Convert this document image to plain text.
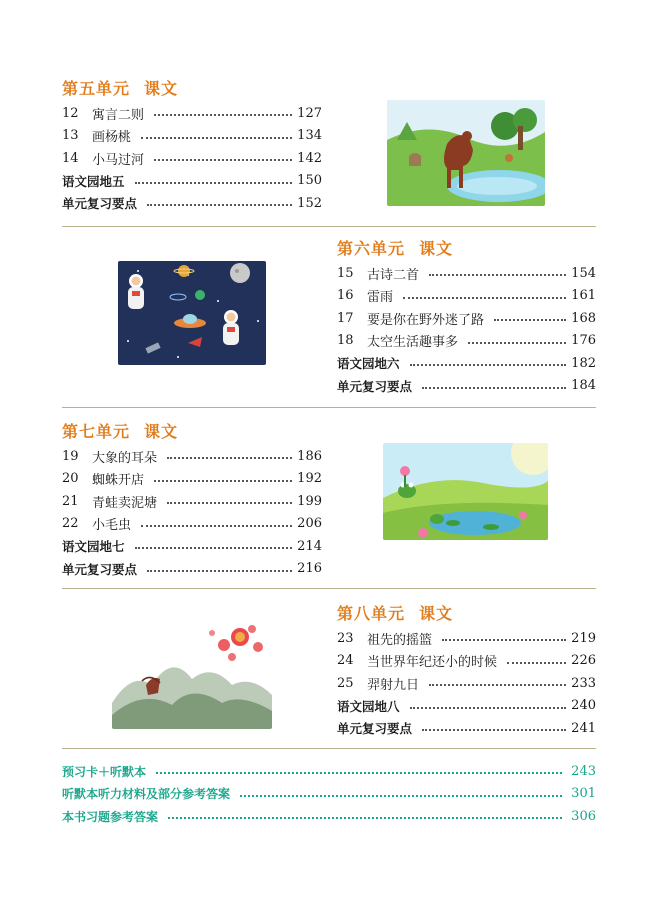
第五单元 课文
12	寓言二则	127
13	画杨桃	134
14	小马过河	142
语文园地五	150
单元复习要点	152
第六单元 课文
15	古诗二首	154
16	雷雨	161
17	要是你在野外迷了路	168
18	太空生活趣事多	176
语文园地六	182
单元复习要点	184
第七单元 课文
19	大象的耳朵	186
20	蜘蛛开店	192
21	青蛙卖泥塘	199
22	小毛虫	206
语文园地七	214
单元复习要点	216
第八单元 课文
23	祖先的摇篮	219
24	当世界年纪还小的时候	226
25	羿射九日	233
语文园地八	240
单元复习要点	241
预习卡＋听默本	243
听默本听力材料及部分参考答案	301
本书习题参考答案	306
